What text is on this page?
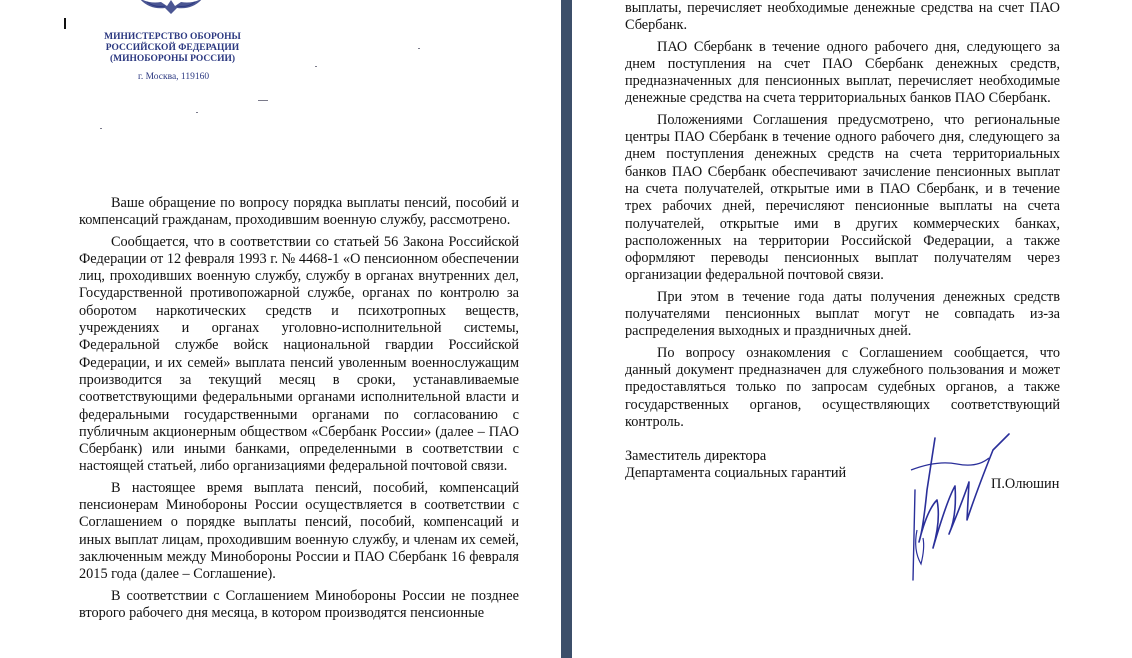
МИНИСТЕРСТВО ОБОРОНЫ
РОССИЙСКОЙ ФЕДЕРАЦИИ
(МИНОБОРОНЫ РОССИИ)
г. Москва, 119160

Ваше обращение по вопросу порядка выплаты пенсий, пособий и компенсаций гражданам, проходившим военную службу, рассмотрено.

Сообщается, что в соответствии со статьей 56 Закона Российской Федерации от 12 февраля 1993 г. № 4468-1 «О пенсионном обеспечении лиц, проходивших военную службу, службу в органах внутренних дел, Государственной противопожарной службе, органах по контролю за оборотом наркотических средств и психотропных веществ, учреждениях и органах уголовно-исполнительной системы, Федеральной службе войск национальной гвардии Российской Федерации, и их семей» выплата пенсий уволенным военнослужащим производится за текущий месяц в сроки, устанавливаемые соответствующими федеральными органами исполнительной власти и федеральными государственными органами по согласованию с публичным акционерным обществом «Сбербанк России» (далее – ПАО Сбербанк) или иными банками, определенными в соответствии с настоящей статьей, либо организациями федеральной почтовой связи.

В настоящее время выплата пенсий, пособий, компенсаций пенсионерам Минобороны России осуществляется в соответствии с Соглашением о порядке выплаты пенсий, пособий, компенсаций и иных выплат лицам, проходившим военную службу, и членам их семей, заключенным между Минобороны России и ПАО Сбербанк 16 февраля 2015 года (далее – Соглашение).

В соответствии с Соглашением Минобороны России не позднее второго рабочего дня месяца, в котором производятся пенсионные

выплаты, перечисляет необходимые денежные средства на счет ПАО Сбербанк.

ПАО Сбербанк в течение одного рабочего дня, следующего за днем поступления на счет ПАО Сбербанк денежных средств, предназначенных для пенсионных выплат, перечисляет необходимые денежные средства на счета территориальных банков ПАО Сбербанк.

Положениями Соглашения предусмотрено, что региональные центры ПАО Сбербанк в течение одного рабочего дня, следующего за днем поступления денежных средств на счета территориальных банков ПАО Сбербанк обеспечивают зачисление пенсионных выплат на счета получателей, открытые ими в ПАО Сбербанк, и в течение трех рабочих дней, перечисляют пенсионные выплаты на счета получателей, открытые ими в других коммерческих банках, расположенных на территории Российской Федерации, а также оформляют переводы пенсионных выплат получателям через организации федеральной почтовой связи.

При этом в течение года даты получения денежных средств получателями пенсионных выплат могут не совпадать из-за распределения выходных и праздничных дней.

По вопросу ознакомления с Соглашением сообщается, что данный документ предназначен для служебного пользования и может предоставляться только по запросам судебных органов, а также государственных органов, осуществляющих соответствующий контроль.

Заместитель директора
Департамента социальных гарантий
П.Олюшин
